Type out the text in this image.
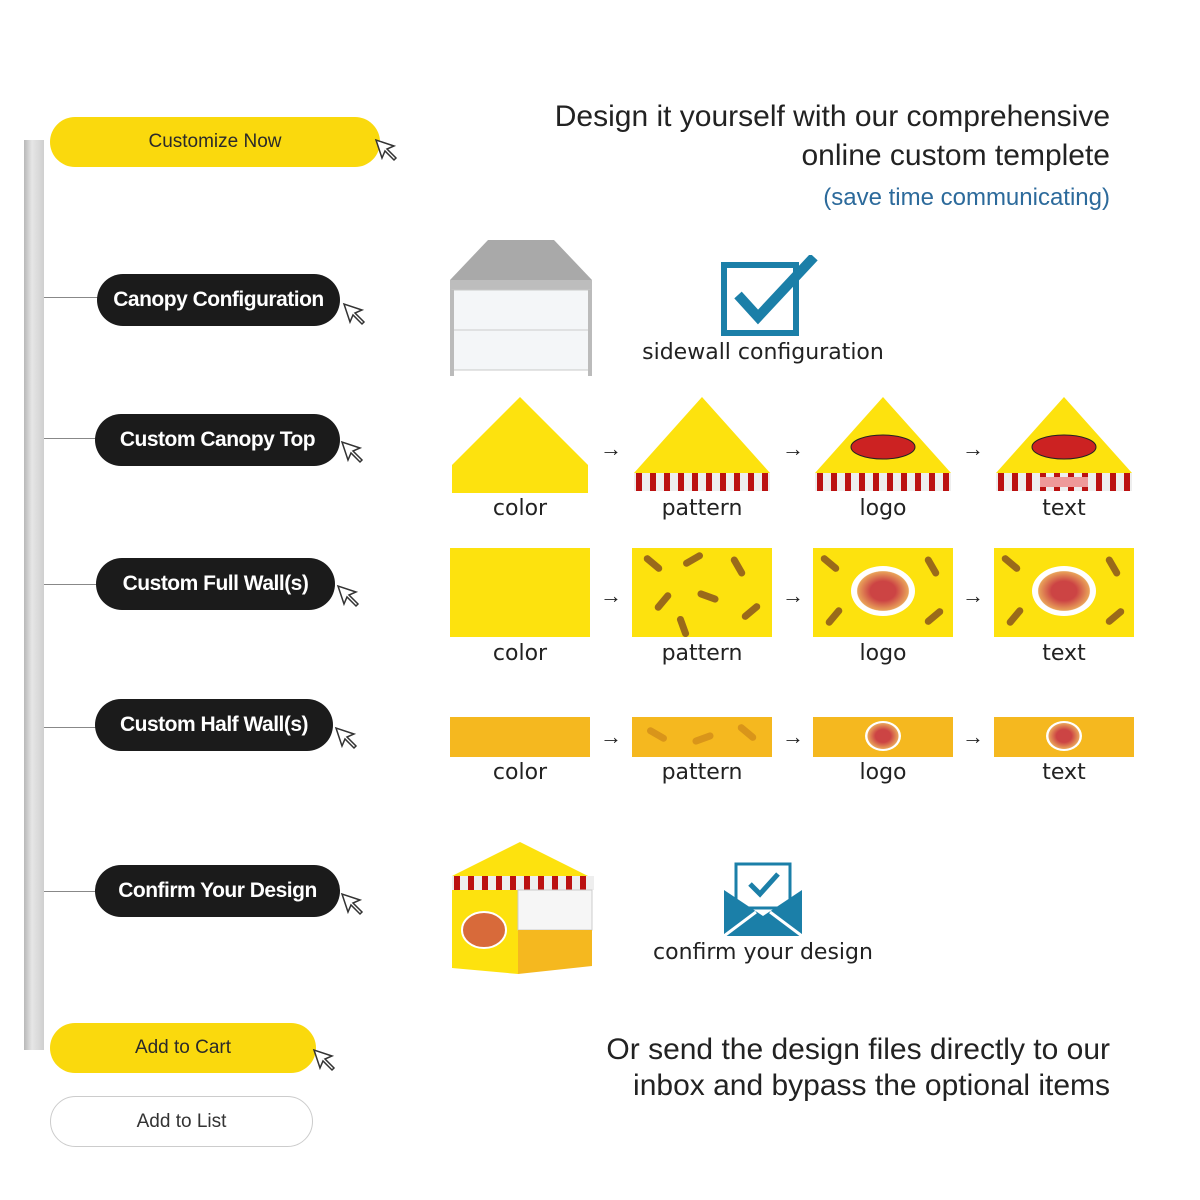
Customize Now
Canopy Configuration
Custom Canopy Top
Custom Full Wall(s)
Custom Half Wall(s)
Confirm Your Design
Add to Cart
Add to List
Design it yourself with our comprehensive
online custom templete
(save time communicating)
sidewall configuration
→	→	→
color	pattern	logo	text
→	→	→
color	pattern	logo	text
→	→	→
color	pattern	logo	text
confirm your design
Or send the design files directly to our
inbox and bypass the optional items
